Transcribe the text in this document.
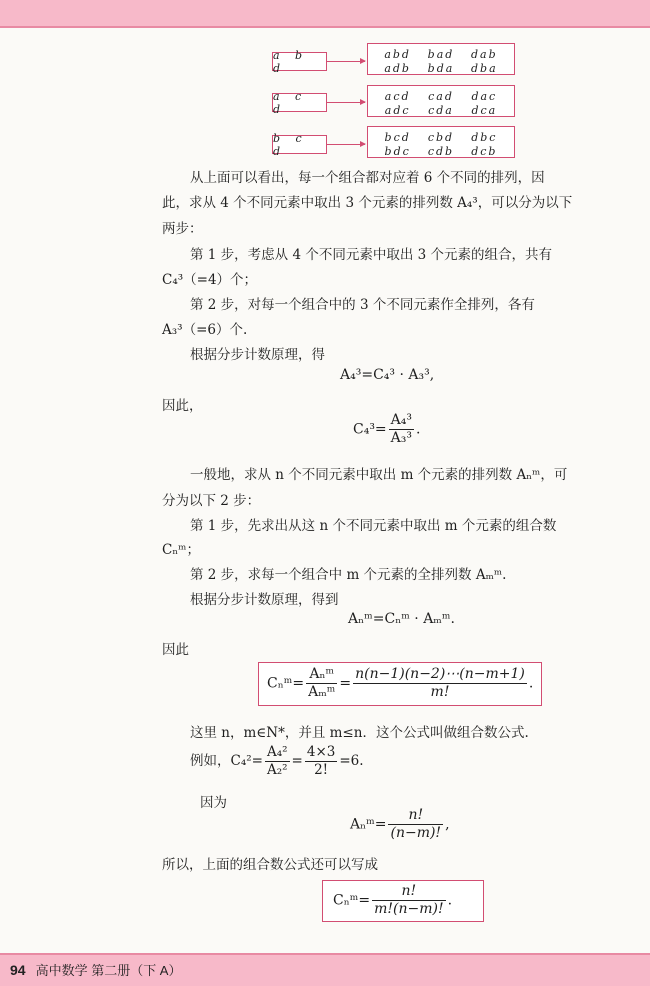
a b d
abd	bad	dab
adb	bda	dba
a c d
acd	cad	dac
adc	cda	dca
b c d
bcd	cbd	dbc
bdc	cdb	dcb
从上面可以看出，每一个组合都对应着 6 个不同的排列，因
此，求从 4 个不同元素中取出 3 个元素的排列数 A₄³，可以分为以下
两步：
第 1 步，考虑从 4 个不同元素中取出 3 个元素的组合，共有
C₄³（=4）个；
第 2 步，对每一个组合中的 3 个不同元素作全排列，各有
A₃³（=6）个.
根据分步计数原理，得
A₄³=C₄³ · A₃³,
因此，
$C_4^3= \frac{\text{A₄³}}{\text{A₃³}}$ .
一般地，求从 n 个不同元素中取出 m 个元素的排列数 Aₙᵐ，可
分为以下 2 步：
第 1 步，先求出从这 n 个不同元素中取出 m 个元素的组合数
Cₙᵐ；
第 2 步，求每一个组合中 m 个元素的全排列数 Aₘᵐ.
根据分步计数原理，得到
Aₙᵐ=Cₙᵐ · Aₘᵐ.
因此
Cₙᵐ= $\frac{\text{Aₙᵐ}}{\text{Aₘᵐ}} = \frac{n(n-1)(n-2)\cdots(n-m+1)}{m!}$ .
这里 n，m∈N*，并且 m≤n．这个公式叫做组合数公式.
例如，$C_4^2= \frac{\text{A₄²}}{\text{A₂²}} = \frac{4\times 3}{2!} =6$.
因为
Aₙᵐ= $\frac{n!}{(n-m)!}$ ,
所以，上面的组合数公式还可以写成
Cₙᵐ= $\frac{n!}{m!(n-m)!}$ .
94 高中数学 第二册（下 A）
